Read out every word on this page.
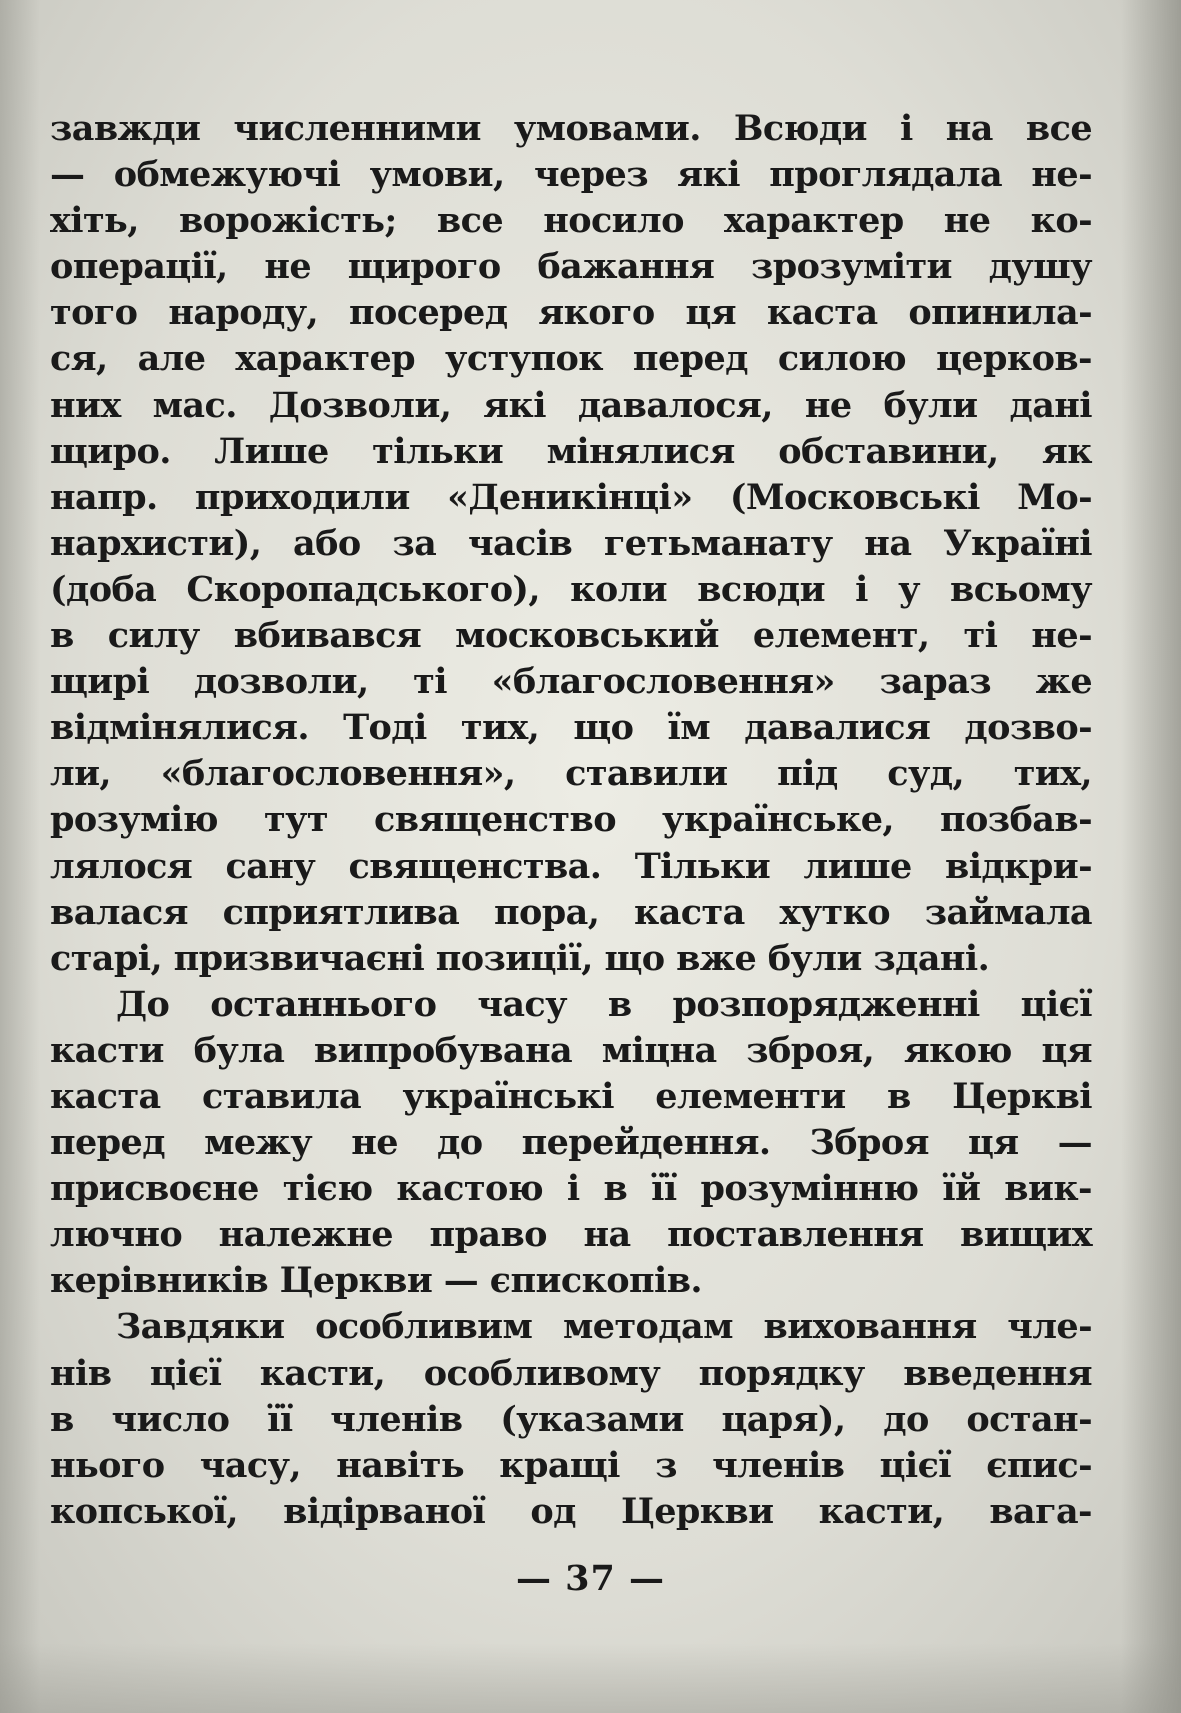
завжди численними умовами. Всюди і на все
— обмежуючі умови, через які проглядала не-
хіть, ворожість; все носило характер не ко-
операції, не щирого бажання зрозуміти душу
того народу, посеред якого ця каста опинила-
ся, але характер уступок перед силою церков-
них мас. Дозволи, які давалося, не були дані
щиро. Лише тільки мінялися обставини, як
напр. приходили «Деникінці» (Московські Мо-
нархисти), або за часів гетьманату на Україні
(доба Скоропадського), коли всюди і у всьому
в силу вбивався московський елемент, ті не-
щирі дозволи, ті «благословення» зараз же
відмінялися. Тоді тих, що їм давалися дозво-
ли, «благословення», ставили під суд, тих,
розумію тут священство українське, позбав-
лялося сану священства. Тільки лише відкри-
валася сприятлива пора, каста хутко займала
старі, призвичаєні позиції, що вже були здані.
До останнього часу в розпорядженні цієї
касти була випробувана міцна зброя, якою ця
каста ставила українські елементи в Церкві
перед межу не до перейдення. Зброя ця —
присвоєне тією кастою і в її розумінню їй вик-
лючно належне право на поставлення вищих
керівників Церкви — єпископів.
Завдяки особливим методам виховання чле-
нів цієї касти, особливому порядку введення
в число її членів (указами царя), до остан-
нього часу, навіть кращі з членів цієї єпис-
копської, відірваної од Церкви касти, вага-
— 37 —
